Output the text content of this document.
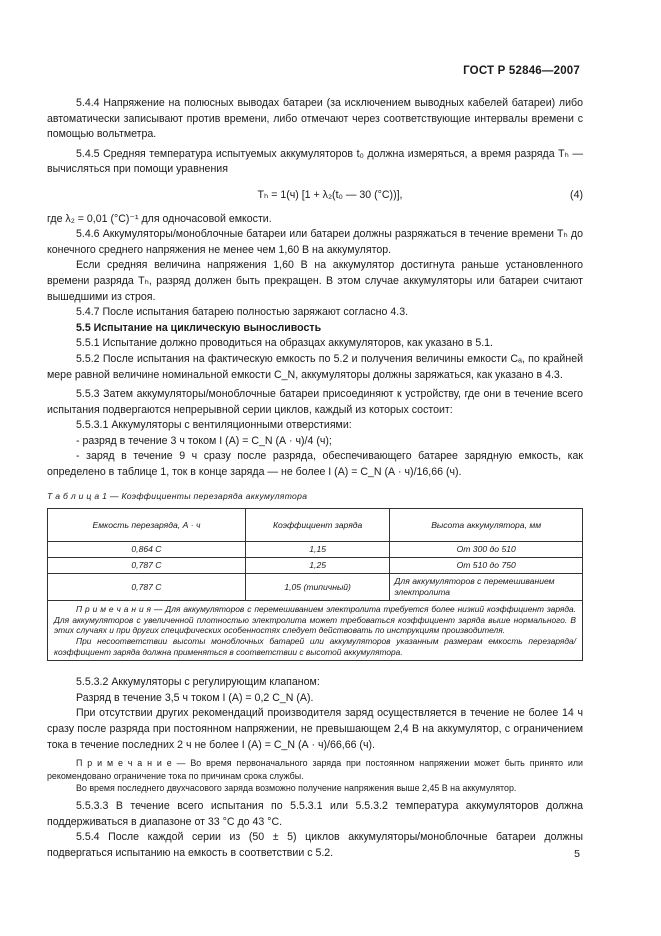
ГОСТ Р 52846—2007

5.4.4 Напряжение на полюсных выводах батареи (за исключением выводных кабелей батареи) либо автоматически записывают против времени, либо отмечают через соответствующие интервалы времени с помощью вольтметра.

5.4.5 Средняя температура испытуемых аккумуляторов t₀ должна измеряться, а время разряда Tₕ — вычисляться при помощи уравнения

Tₕ = 1(ч) [1 + λ₂(t₀ — 30 (°С))],	(4)

где λ₂ = 0,01 (°С)⁻¹ для одночасовой емкости.

5.4.6 Аккумуляторы/моноблочные батареи или батареи должны разряжаться в течение времени Tₕ до конечного среднего напряжения не менее чем 1,60 В на аккумулятор.

Если средняя величина напряжения 1,60 В на аккумулятор достигнута раньше установленного времени разряда Tₕ, разряд должен быть прекращен. В этом случае аккумуляторы или батареи считают вышедшими из строя.

5.4.7 После испытания батарею полностью заряжают согласно 4.3.

5.5 Испытание на циклическую выносливость

5.5.1 Испытание должно проводиться на образцах аккумуляторов, как указано в 5.1.

5.5.2 После испытания на фактическую емкость по 5.2 и получения величины емкости Cₐ, по крайней мере равной величине номинальной емкости C_N, аккумуляторы должны заряжаться, как указано в 4.3.

5.5.3 Затем аккумуляторы/моноблочные батареи присоединяют к устройству, где они в течение всего испытания подвергаются непрерывной серии циклов, каждый из которых состоит:

5.5.3.1 Аккумуляторы с вентиляционными отверстиями:

- разряд в течение 3 ч током I (А) = C_N (А · ч)/4 (ч);

- заряд в течение 9 ч сразу после разряда, обеспечивающего батарее зарядную емкость, как определено в таблице 1, ток в конце заряда — не более I (А) = C_N (А · ч)/16,66 (ч).

Т а б л и ц а 1 — Коэффициенты перезаряда аккумулятора
Емкость перезаряда, А · ч	Коэффициент заряда	Высота аккумулятора, мм
0,864 C	1,15	От 300 до 510
0,787 C	1,25	От 510 до 750
0,787 C	1,05 (типичный)	Для аккумуляторов с перемешиванием электролита

П р и м е ч а н и я — Для аккумуляторов с перемешиванием электролита требуется более низкий коэффициент заряда. Для аккумуляторов с увеличенной плотностью электролита может требоваться коэффициент заряда выше нормального. В этих случаях и при других специфических особенностях следует действовать по инструкциям производителя.
При несоответствии высоты моноблочных батарей или аккумуляторов указанным размерам емкость перезаряда/коэффициент заряда должна применяться в соответствии с высотой аккумулятора.		

5.5.3.2 Аккумуляторы с регулирующим клапаном:

Разряд в течение 3,5 ч током I (А) = 0,2 C_N (А).

При отсутствии других рекомендаций производителя заряд осуществляется в течение не более 14 ч сразу после разряда при постоянном напряжении, не превышающем 2,4 В на аккумулятор, с ограничением тока в течение последних 2 ч не более I (А) = C_N (А · ч)/66,66 (ч).

П р и м е ч а н и е — Во время первоначального заряда при постоянном напряжении может быть принято или рекомендовано ограничение тока по причинам срока службы.

Во время последнего двухчасового заряда возможно получение напряжения выше 2,45 В на аккумулятор.

5.5.3.3 В течение всего испытания по 5.5.3.1 или 5.5.3.2 температура аккумуляторов должна поддерживаться в диапазоне от 33 °С до 43 °С.

5.5.4 После каждой серии из (50 ± 5) циклов аккумуляторы/моноблочные батареи должны подвергаться испытанию на емкость в соответствии с 5.2.	5
